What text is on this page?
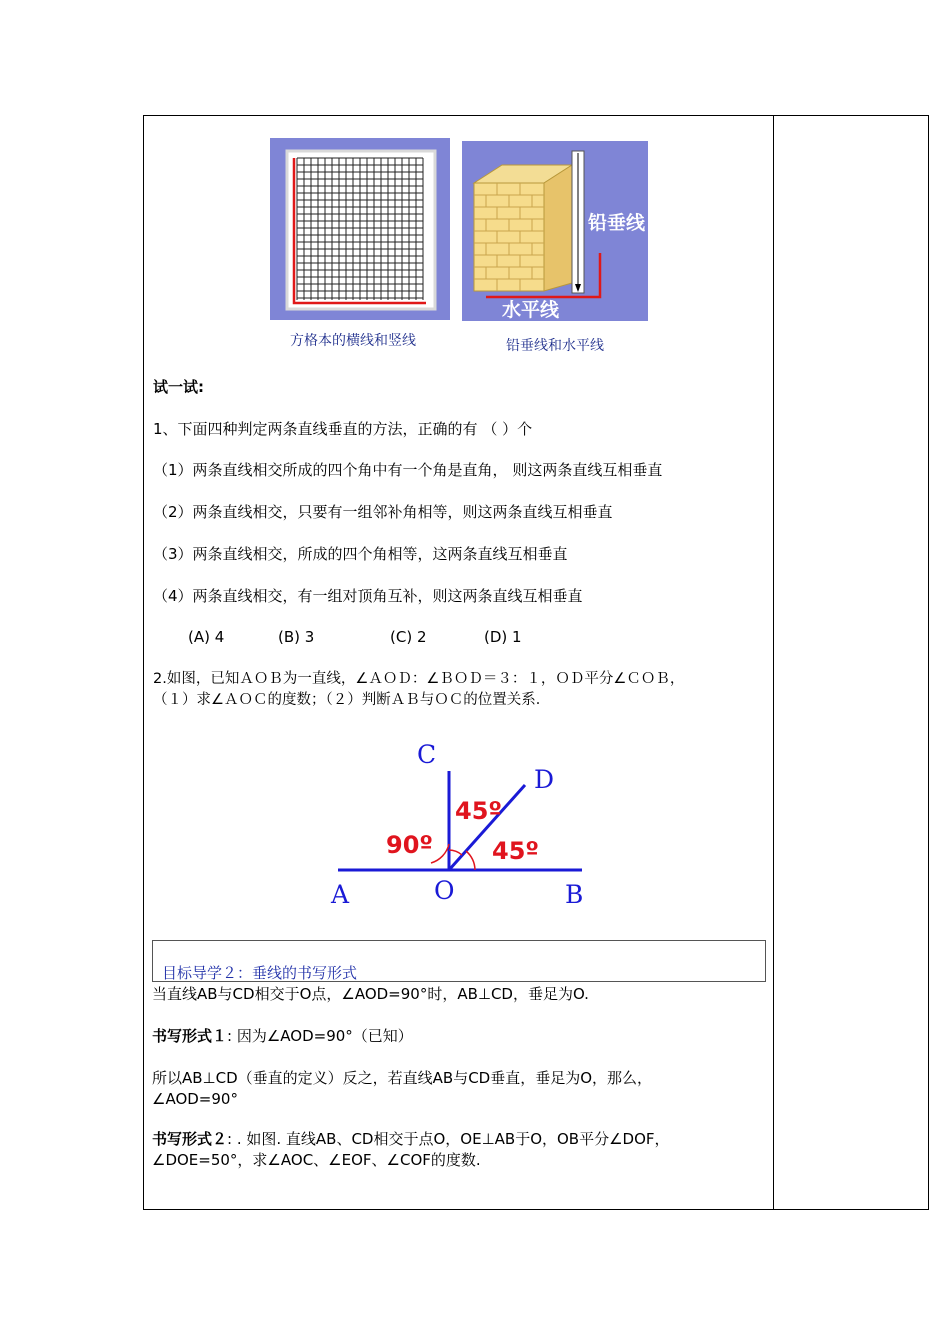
方格本的横线和竖线
铅垂线
水平线
铅垂线和水平线
试一试:
1、下面四种判定两条直线垂直的方法，正确的有 （ ）个
（1）两条直线相交所成的四个角中有一个角是直角， 则这两条直线互相垂直
（2）两条直线相交，只要有一组邻补角相等，则这两条直线互相垂直
（3）两条直线相交，所成的四个角相等，这两条直线互相垂直
（4）两条直线相交，有一组对顶角互补，则这两条直线互相垂直
(A) 4	(B) 3	(C) 2	(D) 1
2.如图，已知ＡＯＢ为一直线，∠ＡＯＤ：∠ＢＯＤ＝３：１，ＯＤ平分∠ＣＯＢ，
（１）求∠ＡＯＣ的度数；（２）判断ＡＢ与ＯＣ的位置关系．
C
D
A	O	B
90º
45º
45º
目标导学２：垂线的书写形式
当直线AB与CD相交于O点，∠AOD=90°时，AB⊥CD，垂足为O.
书写形式１: 因为∠AOD=90°（已知）
所以AB⊥CD（垂直的定义）反之，若直线AB与CD垂直，垂足为O，那么，
∠AOD=90°
书写形式２: . 如图. 直线AB、CD相交于点O，OE⊥AB于O，OB平分∠DOF，
∠DOE=50°，求∠AOC、∠EOF、∠COF的度数.
